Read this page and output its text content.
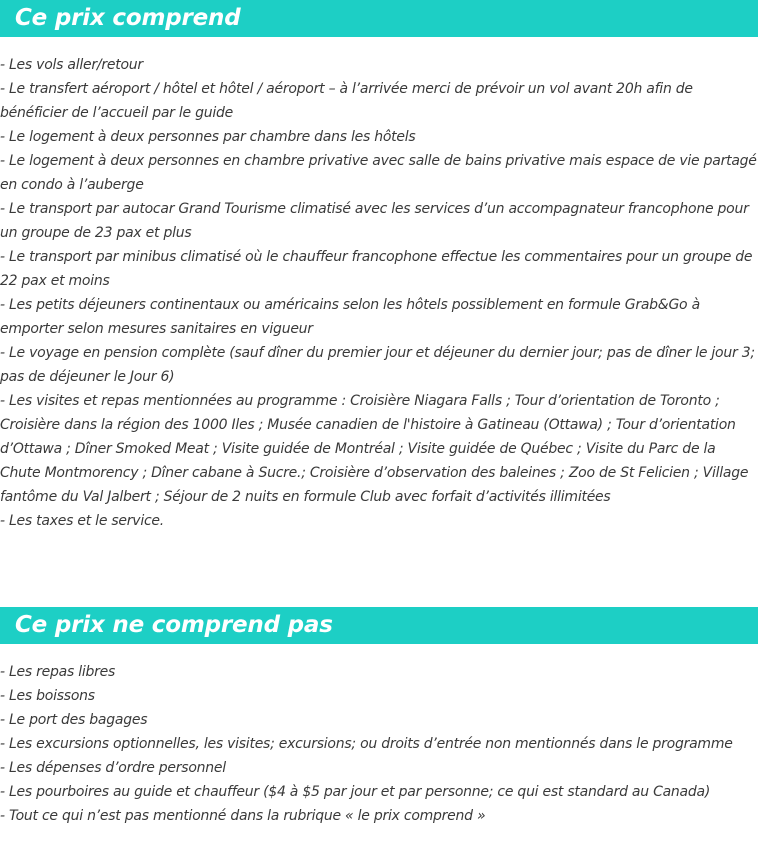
Ce prix comprend
- Les vols aller/retour
- Le transfert aéroport / hôtel et hôtel / aéroport – à l’arrivée merci de prévoir un vol avant 20h afin de bénéficier de l’accueil par le guide
- Le logement à deux personnes par chambre dans les hôtels
- Le logement à deux personnes en chambre privative avec salle de bains privative mais espace de vie partagé en condo à l’auberge
- Le transport par autocar Grand Tourisme climatisé avec les services d’un accompagnateur francophone pour un groupe de 23 pax et plus
- Le transport par minibus climatisé où le chauffeur francophone effectue les commentaires pour un groupe de 22 pax et moins
- Les petits déjeuners continentaux ou américains selon les hôtels possiblement en formule Grab&Go à emporter selon mesures sanitaires en vigueur
- Le voyage en pension complète (sauf dîner du premier jour et déjeuner du dernier jour; pas de dîner le jour 3; pas de déjeuner le Jour 6)
- Les visites et repas mentionnées au programme : Croisière Niagara Falls ; Tour d’orientation de Toronto ; Croisière dans la région des 1000 Iles ; Musée canadien de l'histoire à Gatineau (Ottawa) ; Tour d’orientation d’Ottawa ; Dîner Smoked Meat ; Visite guidée de Montréal ; Visite guidée de Québec ; Visite du Parc de la Chute Montmorency ; Dîner cabane à Sucre.; Croisière d’observation des baleines ; Zoo de St Felicien ; Village fantôme du Val Jalbert ; Séjour de 2 nuits en formule Club avec forfait d’activités illimitées
- Les taxes et le service.
Ce prix ne comprend pas
- Les repas libres
- Les boissons
- Le port des bagages
- Les excursions optionnelles, les visites; excursions; ou droits d’entrée non mentionnés dans le programme
- Les dépenses d’ordre personnel
- Les pourboires au guide et chauffeur ($4 à $5 par jour et par personne; ce qui est standard au Canada)
- Tout ce qui n’est pas mentionné dans la rubrique « le prix comprend »
